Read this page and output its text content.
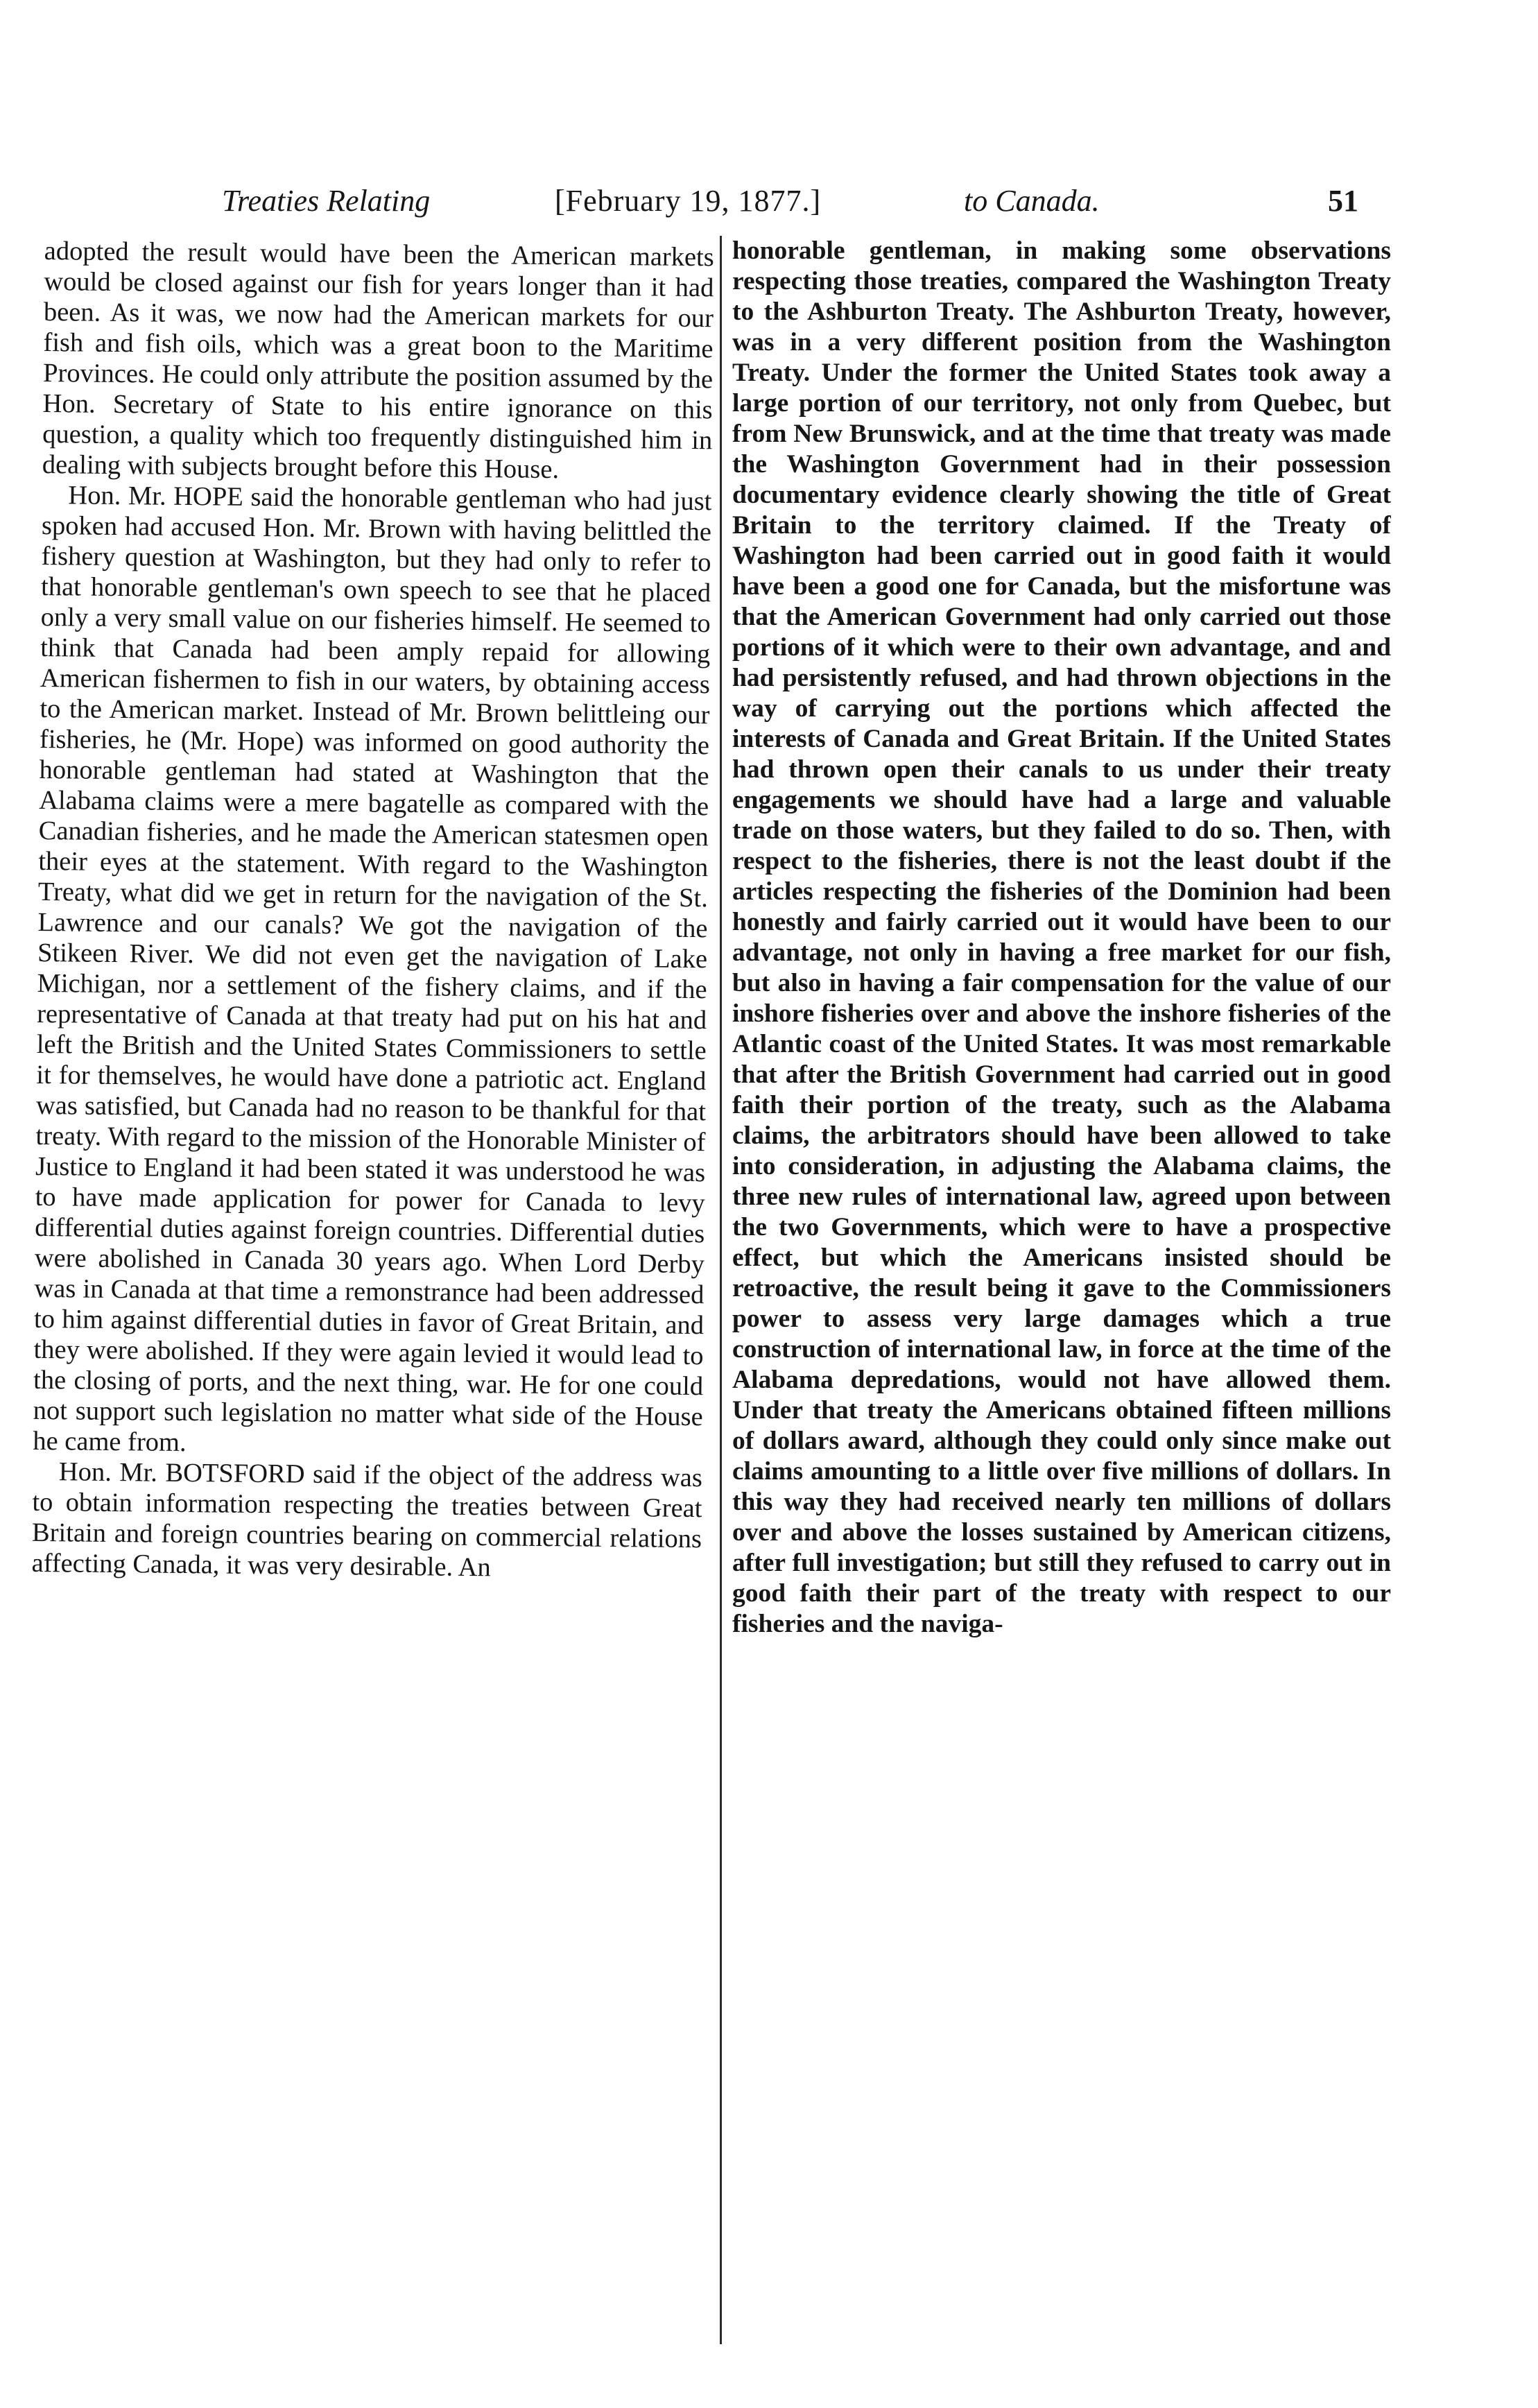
Treaties Relating	[February 19, 1877.]	to Canada.	51

adopted the result would have been the American markets would be closed against our fish for years longer than it had been. As it was, we now had the American markets for our fish and fish oils, which was a great boon to the Maritime Provinces. He could only attribute the position assumed by the Hon. Secretary of State to his entire ignorance on this question, a quality which too frequently distinguished him in dealing with subjects brought before this House.

Hon. Mr. HOPE said the honorable gentleman who had just spoken had accused Hon. Mr. Brown with having belittled the fishery question at Washington, but they had only to refer to that honorable gentleman's own speech to see that he placed only a very small value on our fisheries himself. He seemed to think that Canada had been amply repaid for allowing American fishermen to fish in our waters, by obtaining access to the American market. Instead of Mr. Brown belittleing our fisheries, he (Mr. Hope) was informed on good authority the honorable gentleman had stated at Washington that the Alabama claims were a mere bagatelle as compared with the Canadian fisheries, and he made the American statesmen open their eyes at the statement. With regard to the Washington Treaty, what did we get in return for the navigation of the St. Lawrence and our canals? We got the navigation of the Stikeen River. We did not even get the navigation of Lake Michigan, nor a settlement of the fishery claims, and if the representative of Canada at that treaty had put on his hat and left the British and the United States Commissioners to settle it for themselves, he would have done a patriotic act. England was satisfied, but Canada had no reason to be thankful for that treaty. With regard to the mission of the Honorable Minister of Justice to England it had been stated it was understood he was to have made application for power for Canada to levy differential duties against foreign countries. Differential duties were abolished in Canada 30 years ago. When Lord Derby was in Canada at that time a remonstrance had been addressed to him against differential duties in favor of Great Britain, and they were abolished. If they were again levied it would lead to the closing of ports, and the next thing, war. He for one could not support such legislation no matter what side of the House he came from.

Hon. Mr. BOTSFORD said if the object of the address was to obtain information respecting the treaties between Great Britain and foreign countries bearing on commercial relations affecting Canada, it was very desirable. An

honorable gentleman, in making some observations respecting those treaties, compared the Washington Treaty to the Ashburton Treaty. The Ashburton Treaty, however, was in a very different position from the Washington Treaty. Under the former the United States took away a large portion of our territory, not only from Quebec, but from New Brunswick, and at the time that treaty was made the Washington Government had in their possession documentary evidence clearly showing the title of Great Britain to the territory claimed. If the Treaty of Washington had been carried out in good faith it would have been a good one for Canada, but the misfortune was that the American Government had only carried out those portions of it which were to their own advantage, and and had persistently refused, and had thrown objections in the way of carrying out the portions which affected the interests of Canada and Great Britain. If the United States had thrown open their canals to us under their treaty engagements we should have had a large and valuable trade on those waters, but they failed to do so. Then, with respect to the fisheries, there is not the least doubt if the articles respecting the fisheries of the Dominion had been honestly and fairly carried out it would have been to our advantage, not only in having a free market for our fish, but also in having a fair compensation for the value of our inshore fisheries over and above the inshore fisheries of the Atlantic coast of the United States. It was most remarkable that after the British Government had carried out in good faith their portion of the treaty, such as the Alabama claims, the arbitrators should have been allowed to take into consideration, in adjusting the Alabama claims, the three new rules of international law, agreed upon between the two Governments, which were to have a prospective effect, but which the Americans insisted should be retroactive, the result being it gave to the Commissioners power to assess very large damages which a true construction of international law, in force at the time of the Alabama depredations, would not have allowed them. Under that treaty the Americans obtained fifteen millions of dollars award, although they could only since make out claims amounting to a little over five millions of dollars. In this way they had received nearly ten millions of dollars over and above the losses sustained by American citizens, after full investigation; but still they refused to carry out in good faith their part of the treaty with respect to our fisheries and the naviga-
